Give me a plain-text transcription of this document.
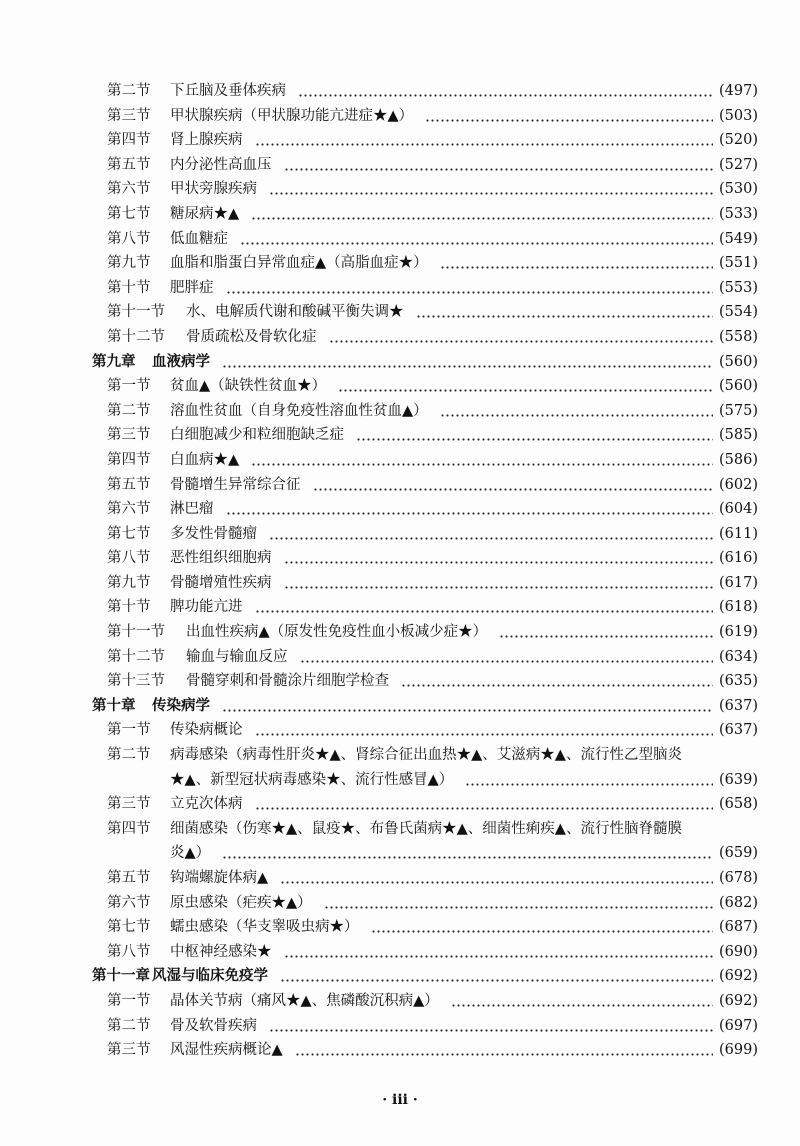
第二节 下丘脑及垂体疾病	(497)
第三节 甲状腺疾病（甲状腺功能亢进症★▲）	(503)
第四节 肾上腺疾病	(520)
第五节 内分泌性高血压	(527)
第六节 甲状旁腺疾病	(530)
第七节 糖尿病★▲	(533)
第八节 低血糖症	(549)
第九节 血脂和脂蛋白异常血症▲（高脂血症★）	(551)
第十节 肥胖症	(553)
第十一节 水、电解质代谢和酸碱平衡失调★	(554)
第十二节 骨质疏松及骨软化症	(558)
第九章 血液病学	(560)
第一节 贫血▲（缺铁性贫血★）	(560)
第二节 溶血性贫血（自身免疫性溶血性贫血▲）	(575)
第三节 白细胞减少和粒细胞缺乏症	(585)
第四节 白血病★▲	(586)
第五节 骨髓增生异常综合征	(602)
第六节 淋巴瘤	(604)
第七节 多发性骨髓瘤	(611)
第八节 恶性组织细胞病	(616)
第九节 骨髓增殖性疾病	(617)
第十节 脾功能亢进	(618)
第十一节 出血性疾病▲（原发性免疫性血小板减少症★）	(619)
第十二节 输血与输血反应	(634)
第十三节 骨髓穿刺和骨髓涂片细胞学检查	(635)
第十章 传染病学	(637)
第一节 传染病概论	(637)
第二节 病毒感染（病毒性肝炎★▲、肾综合征出血热★▲、艾滋病★▲、流行性乙型脑炎★▲、新型冠状病毒感染★、流行性感冒▲）	(639)
第三节 立克次体病	(658)
第四节 细菌感染（伤寒★▲、鼠疫★、布鲁氏菌病★▲、细菌性痢疾▲、流行性脑脊髓膜炎▲）	(659)
第五节 钩端螺旋体病▲	(678)
第六节 原虫感染（疟疾★▲）	(682)
第七节 蠕虫感染（华支睾吸虫病★）	(687)
第八节 中枢神经感染★	(690)
第十一章 风湿与临床免疫学	(692)
第一节 晶体关节病（痛风★▲、焦磷酸沉积病▲）	(692)
第二节 骨及软骨疾病	(697)
第三节 风湿性疾病概论▲	(699)
· iii ·
